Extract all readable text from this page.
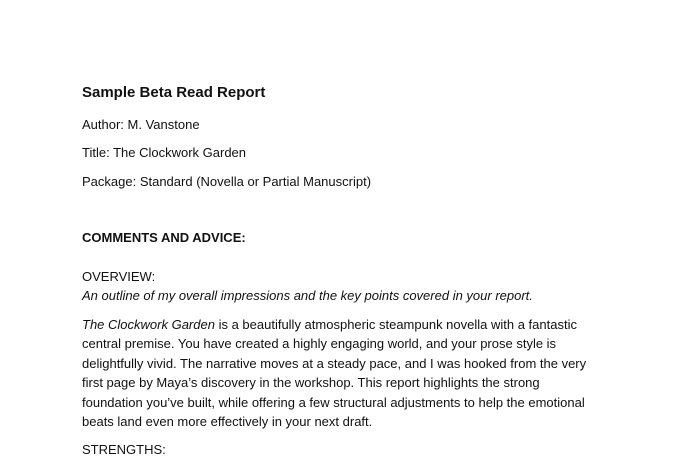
Sample Beta Read Report
Author: M. Vanstone
Title: The Clockwork Garden
Package: Standard (Novella or Partial Manuscript)
COMMENTS AND ADVICE:
OVERVIEW:
An outline of my overall impressions and the key points covered in your report.
The Clockwork Garden is a beautifully atmospheric steampunk novella with a fantastic central premise. You have created a highly engaging world, and your prose style is delightfully vivid. The narrative moves at a steady pace, and I was hooked from the very first page by Maya’s discovery in the workshop. This report highlights the strong foundation you’ve built, while offering a few structural adjustments to help the emotional beats land even more effectively in your next draft.
STRENGTHS:
